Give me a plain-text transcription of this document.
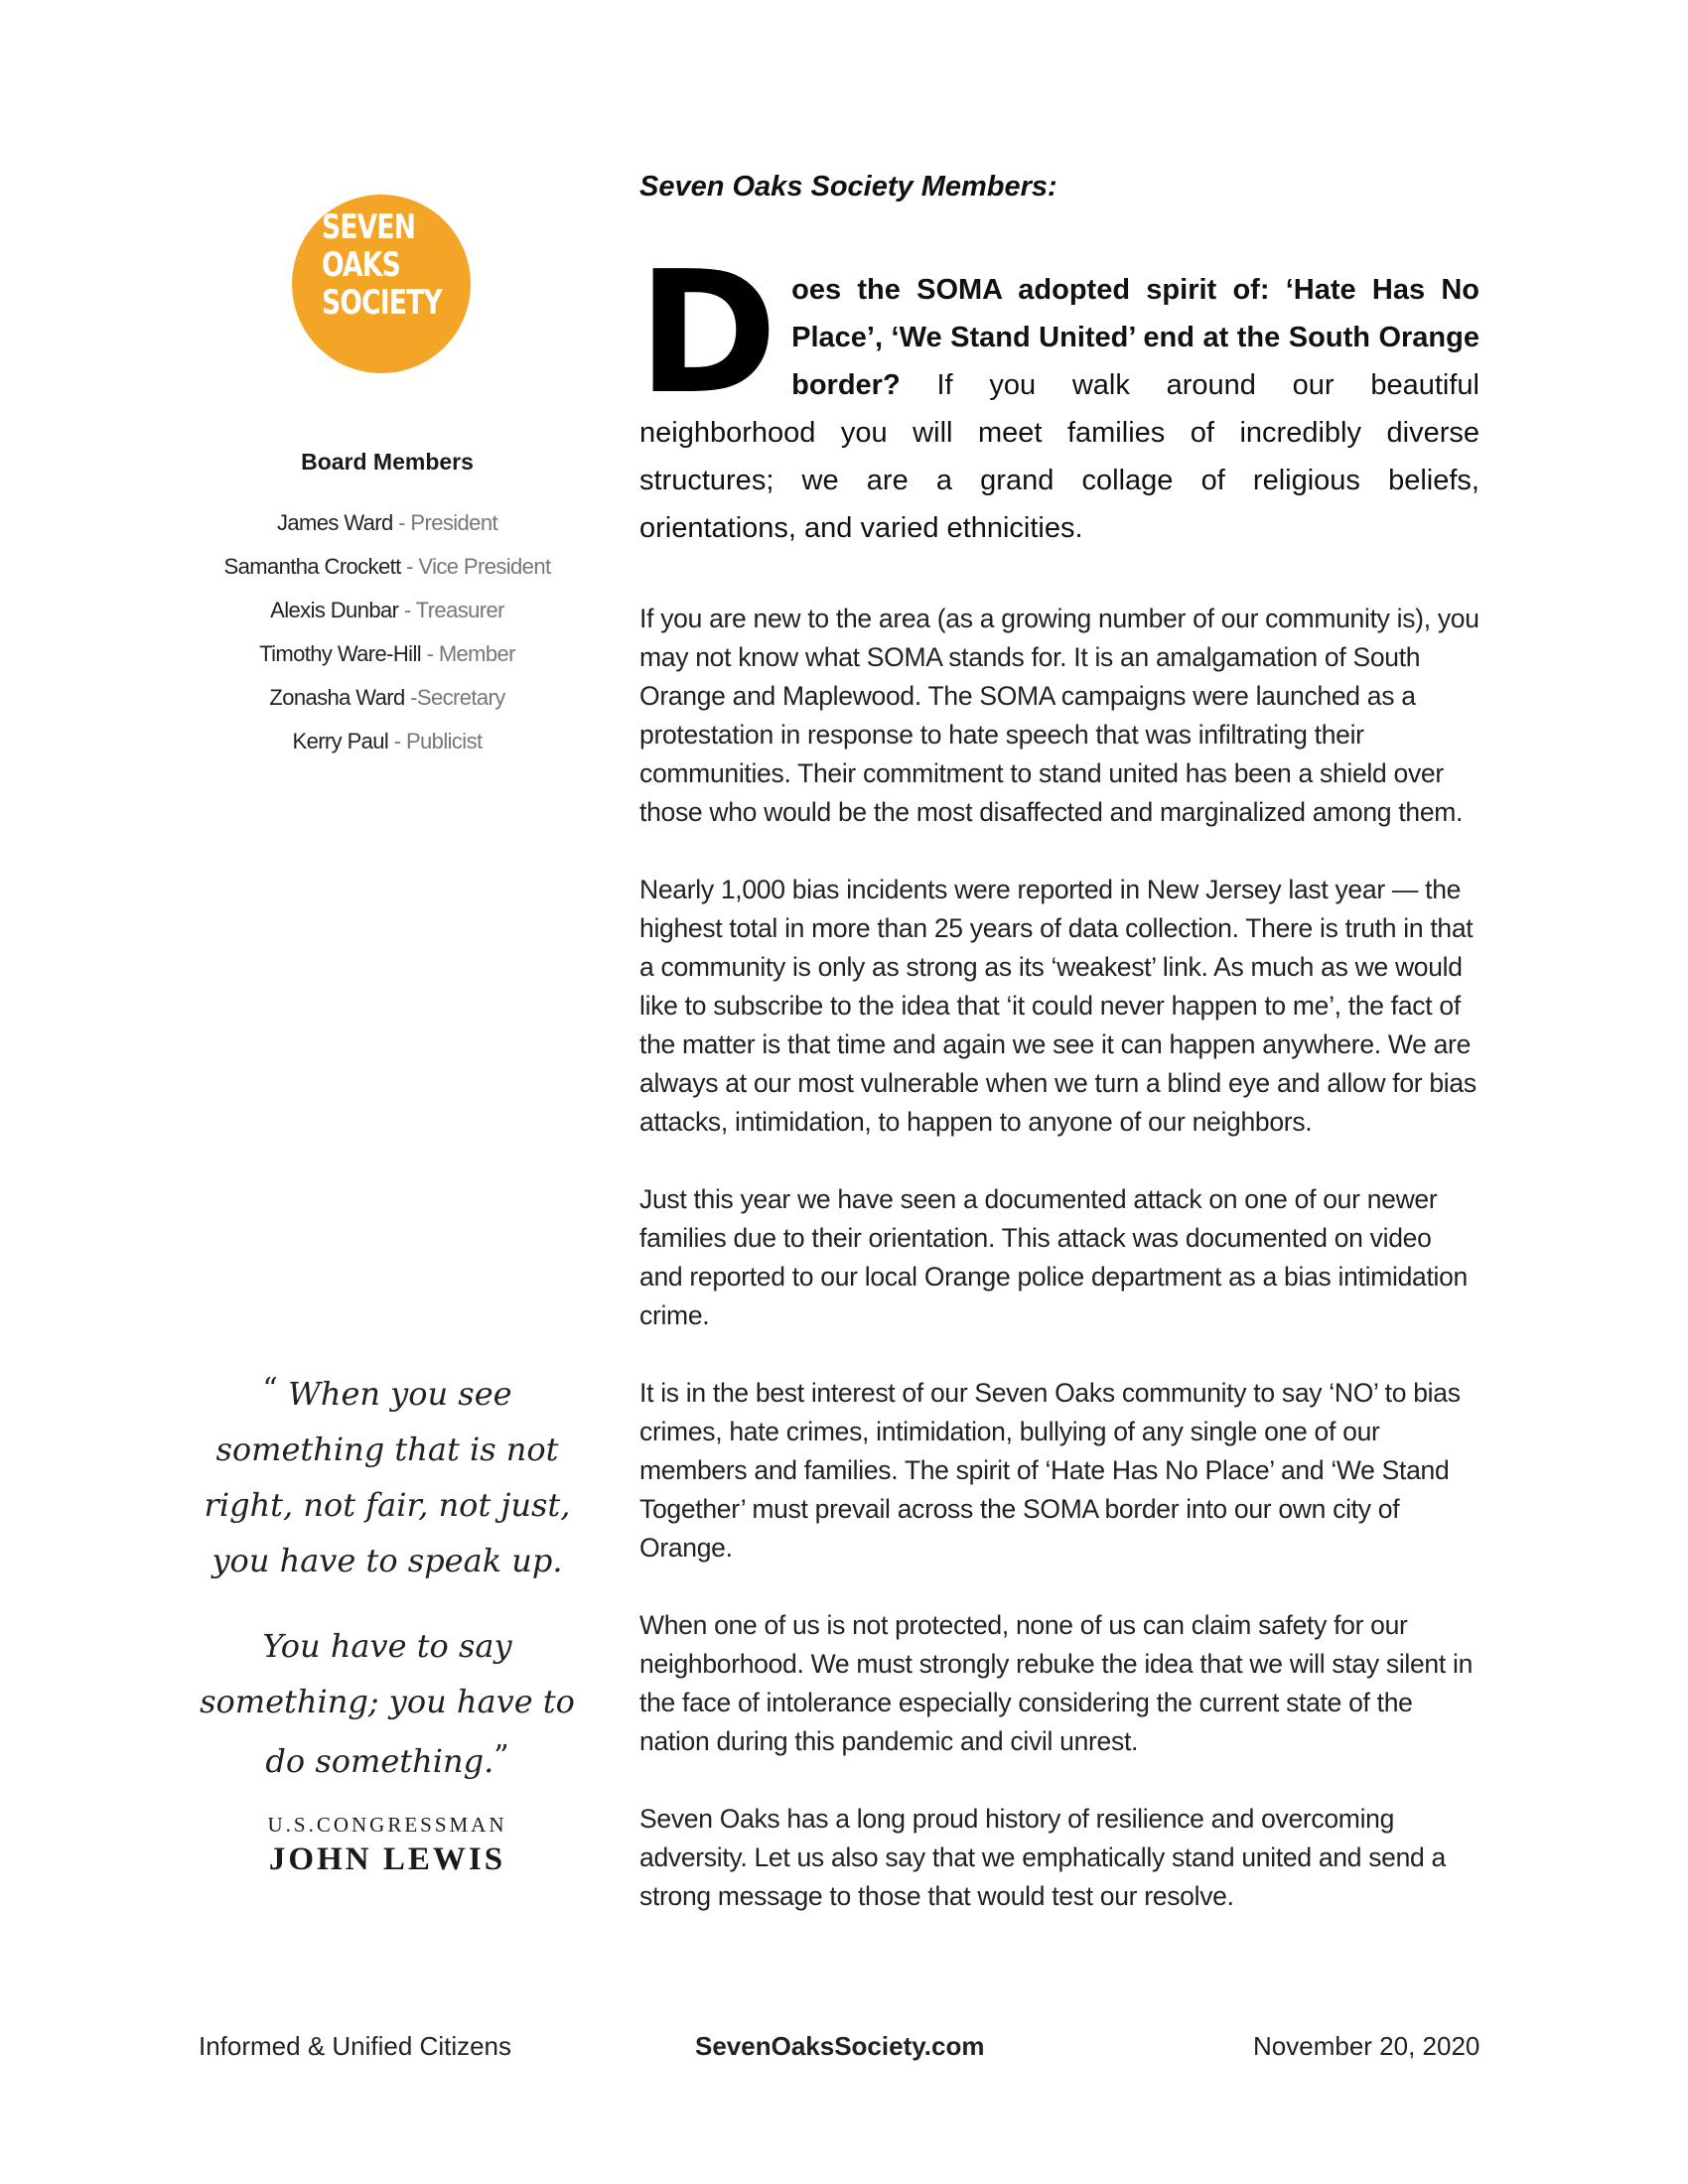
SEVEN
OAKS
SOCIETY
Board Members
James Ward - President
Samantha Crockett - Vice President
Alexis Dunbar - Treasurer
Timothy Ware-Hill - Member
Zonasha Ward -Secretary
Kerry Paul - Publicist

“ When you see something that is not right, not fair, not just, you have to speak up.

You have to say something; you have to do something.”

U.S.CONGRESSMAN
JOHN LEWIS
Seven Oaks Society Members:

Does the SOMA adopted spirit of: ‘Hate Has No Place’, ‘We Stand United’ end at the South Orange border? If you walk around our beautiful neighborhood you will meet families of incredibly diverse structures; we are a grand collage of religious beliefs, orientations, and varied ethnicities.

If you are new to the area (as a growing number of our community is), you may not know what SOMA stands for. It is an amalgamation of South Orange and Maplewood. The SOMA campaigns were launched as a protestation in response to hate speech that was infiltrating their communities. Their commitment to stand united has been a shield over those who would be the most disaffected and marginalized among them.

Nearly 1,000 bias incidents were reported in New Jersey last year — the highest total in more than 25 years of data collection. There is truth in that a community is only as strong as its ‘weakest’ link. As much as we would like to subscribe to the idea that ‘it could never happen to me’, the fact of the matter is that time and again we see it can happen anywhere. We are always at our most vulnerable when we turn a blind eye and allow for bias attacks, intimidation, to happen to anyone of our neighbors.

Just this year we have seen a documented attack on one of our newer families due to their orientation. This attack was documented on video and reported to our local Orange police department as a bias intimidation crime.

It is in the best interest of our Seven Oaks community to say ‘NO’ to bias crimes, hate crimes, intimidation, bullying of any single one of our members and families. The spirit of ‘Hate Has No Place’ and ‘We Stand Together’ must prevail across the SOMA border into our own city of Orange.

When one of us is not protected, none of us can claim safety for our neighborhood. We must strongly rebuke the idea that we will stay silent in the face of intolerance especially considering the current state of the nation during this pandemic and civil unrest.

Seven Oaks has a long proud history of resilience and overcoming adversity. Let us also say that we emphatically stand united and send a strong message to those that would test our resolve.

Informed & Unified Citizens	SevenOaksSociety.com	November 20, 2020
